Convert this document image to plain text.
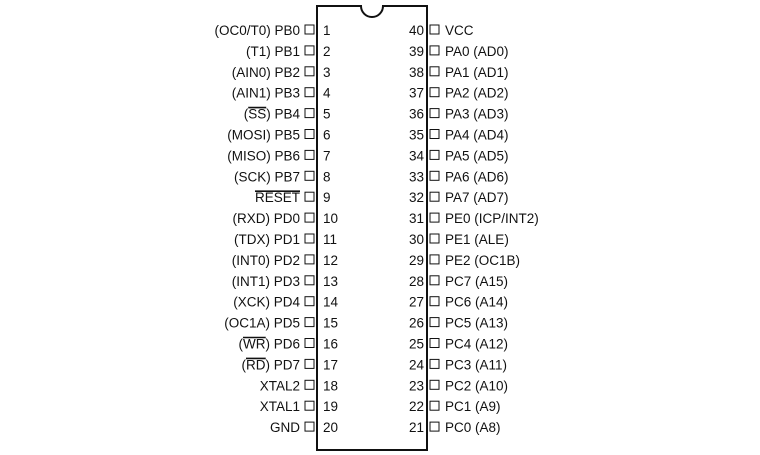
1
(OC0/T0) PB0
2
(T1) PB1
3
(AIN0) PB2
4
(AIN1) PB3
5
(SS) PB4
6
(MOSI) PB5
7
(MISO) PB6
8
(SCK) PB7
9
RESET
10
(RXD) PD0
11
(TDX) PD1
12
(INT0) PD2
13
(INT1) PD3
14
(XCK) PD4
15
(OC1A) PD5
16
(WR) PD6
17
(RD) PD7
18
XTAL2
19
XTAL1
20
GND
40 VCC
39 PA0 (AD0)
38 PA1 (AD1)
37 PA2 (AD2)
36 PA3 (AD3)
35 PA4 (AD4)
34 PA5 (AD5)
33 PA6 (AD6)
32 PA7 (AD7)
31 PE0 (ICP/INT2)
30 PE1 (ALE)
29 PE2 (OC1B)
28 PC7 (A15)
27 PC6 (A14)
26 PC5 (A13)
25 PC4 (A12)
24 PC3 (A11)
23 PC2 (A10)
22 PC1 (A9)
21 PC0 (A8)
